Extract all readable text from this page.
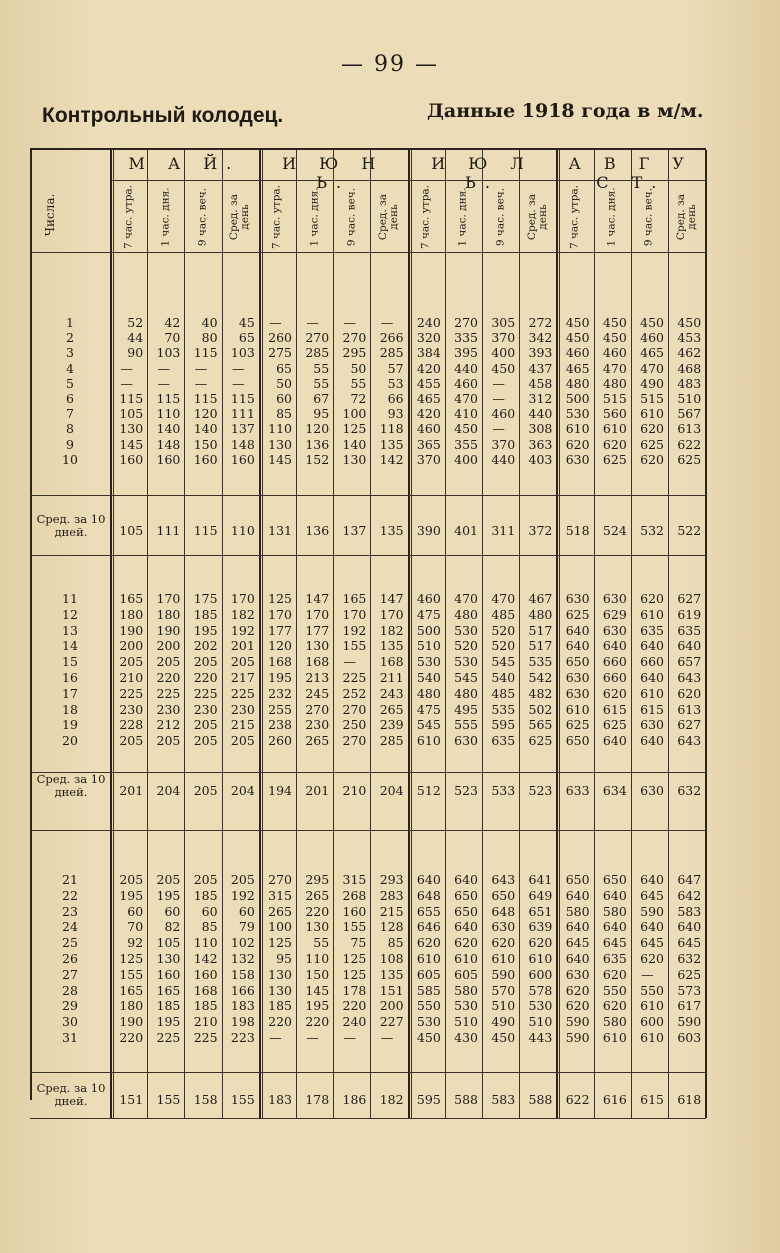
— 99 —
Контрольный колодец.	Данные 1918 года в м/м.
Числа.
М А Й.	И Ю Н Ь.
И Ю Л Ь.
А В Г У С Т.
7 час. утра. 1 час. дня. 9 час. веч. Сред. за день 7 час. утра. 1 час. дня. 9 час. веч. Сред. за день 7 час. утра. 1 час. дня. 9 час. веч. Сред. за день 7 час. утра. 1 час. дня. 9 час. веч. Сред. за день
1	52	42	40	45	—	—	—	—	240	270	305	272	450	450	450	450
2	44	70	80	65	260	270	270	266	320	335	370	342	450	450	460	453
3	90	103	115	103	275	285	295	285	384	395	400	393	460	460	465	462
4	—	—	—	—	65	55	50	57	420	440	450	437	465	470	470	468
5	—	—	—	—	50	55	55	53	455	460	—	458	480	480	490	483
6	115	115	115	115	60	67	72	66	465	470	—	312	500	515	515	510
7	105	110	120	111	85	95	100	93	420	410	460	440	530	560	610	567
8	130	140	140	137	110	120	125	118	460	450	—	308	610	610	620	613
9	145	148	150	148	130	136	140	135	365	355	370	363	620	620	625	622
10	160	160	160	160	145	152	130	142	370	400	440	403	630	625	620	625
Сред. за 10 дней.	105	111	115	110	131	136	137	135	390	401	311	372	518	524	532	522
11	165	170	175	170	125	147	165	147	460	470	470	467	630	630	620	627
12	180	180	185	182	170	170	170	170	475	480	485	480	625	629	610	619
13	190	190	195	192	177	177	192	182	500	530	520	517	640	630	635	635
14	200	200	202	201	120	130	155	135	510	520	520	517	640	640	640	640
15	205	205	205	205	168	168	—	168	530	530	545	535	650	660	660	657
16	210	220	220	217	195	213	225	211	540	545	540	542	630	660	640	643
17	225	225	225	225	232	245	252	243	480	480	485	482	630	620	610	620
18	230	230	230	230	255	270	270	265	475	495	535	502	610	615	615	613
19	228	212	205	215	238	230	250	239	545	555	595	565	625	625	630	627
20	205	205	205	205	260	265	270	285	610	630	635	625	650	640	640	643
Сред. за 10 дней.	201	204	205	204	194	201	210	204	512	523	533	523	633	634	630	632
21	205	205	205	205	270	295	315	293	640	640	643	641	650	650	640	647
22	195	195	185	192	315	265	268	283	648	650	650	649	640	640	645	642
23	60	60	60	60	265	220	160	215	655	650	648	651	580	580	590	583
24	70	82	85	79	100	130	155	128	646	640	630	639	640	640	640	640
25	92	105	110	102	125	55	75	85	620	620	620	620	645	645	645	645
26	125	130	142	132	95	110	125	108	610	610	610	610	640	635	620	632
27	155	160	160	158	130	150	125	135	605	605	590	600	630	620	—	625
28	165	165	168	166	130	145	178	151	585	580	570	578	620	550	550	573
29	180	185	185	183	185	195	220	200	550	530	510	530	620	620	610	617
30	190	195	210	198	220	220	240	227	530	510	490	510	590	580	600	590
31	220	225	225	223	—	—	—	—	450	430	450	443	590	610	610	603
Сред. за 10 дней.	151	155	158	155	183	178	186	182	595	588	583	588	622	616	615	618
